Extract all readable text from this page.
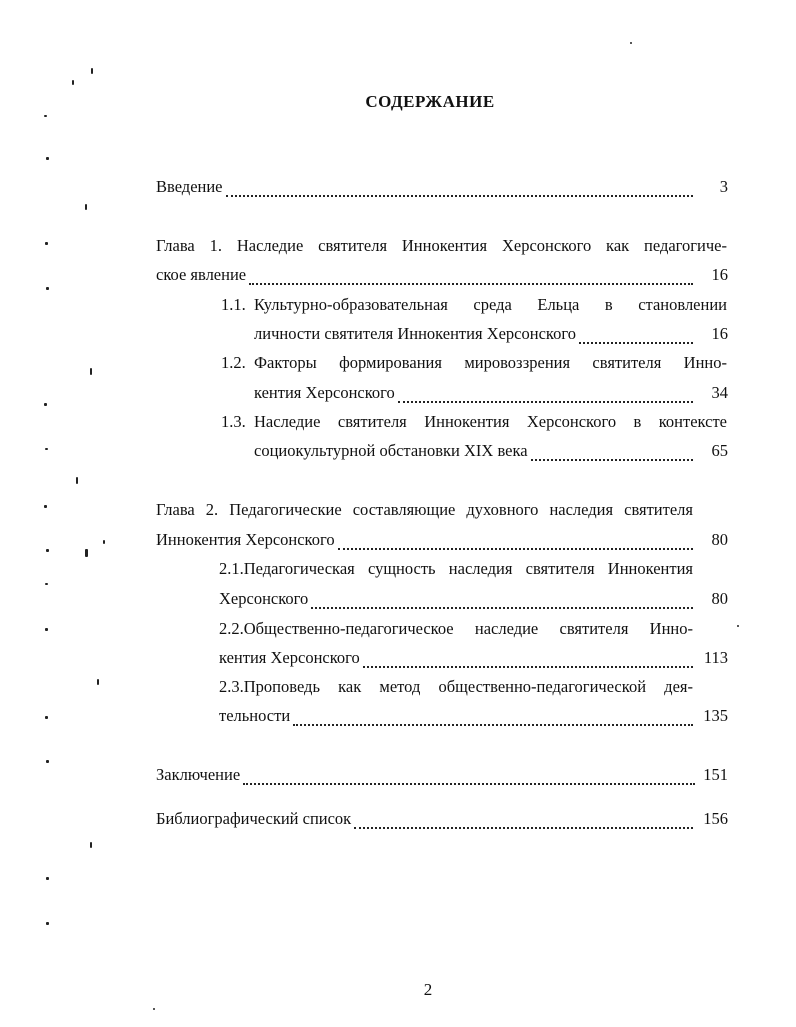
СОДЕРЖАНИЕ
Введение	3
Глава 1. Наследие святителя Иннокентия Херсонского как педагогиче-
ское явление	16
1.1. Культурно-образовательная среда Ельца в становлении
личности святителя Иннокентия Херсонского	16
1.2. Факторы формирования мировоззрения святителя Инно-
кентия Херсонского	34
1.3. Наследие святителя Иннокентия Херсонского в контексте
социокультурной обстановки XIX века	65
Глава 2. Педагогические составляющие духовного наследия святителя
Иннокентия Херсонского	80
2.1.Педагогическая сущность наследия святителя Иннокентия
Херсонского	80
2.2.Общественно-педагогическое наследие святителя Инно-
кентия Херсонского	113
2.3.Проповедь как метод общественно-педагогической дея-
тельности	135
Заключение	151
Библиографический список	156
2
